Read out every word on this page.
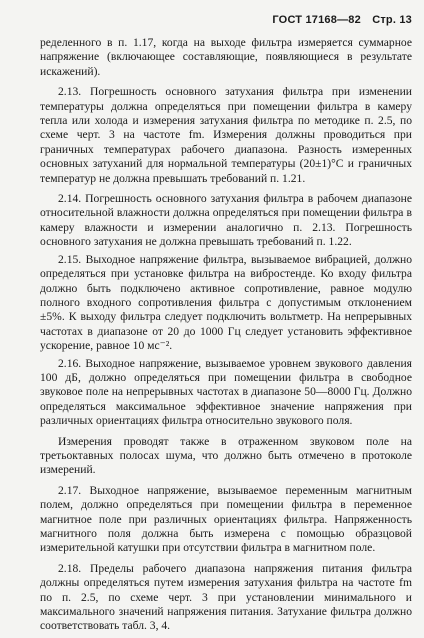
ГОСТ 17168—82 Стр. 13

ределенного в п. 1.17, когда на выходе фильтра измеряется суммарное напряжение (включающее составляющие, появляющиеся в результате искажений).

2.13. Погрешность основного затухания фильтра при изменении температуры должна определяться при помещении фильтра в камеру тепла или холода и измерения затухания фильтра по методике п. 2.5, по схеме черт. 3 на частоте fm. Измерения должны проводиться при граничных температурах рабочего диапазона. Разность измеренных основных затуханий для нормальной температуры (20±1)°С и граничных температур не должна превышать требований п. 1.21.

2.14. Погрешность основного затухания фильтра в рабочем диапазоне относительной влажности должна определяться при помещении фильтра в камеру влажности и измерении аналогично п. 2.13. Погрешность основного затухания не должна превышать требований п. 1.22.

2.15. Выходное напряжение фильтра, вызываемое вибрацией, должно определяться при установке фильтра на вибростенде. Ко входу фильтра должно быть подключено активное сопротивление, равное модулю полного входного сопротивления фильтра с допустимым отклонением ±5%. К выходу фильтра следует подключить вольтметр. На непрерывных частотах в диапазоне от 20 до 1000 Гц следует установить эффективное ускорение, равное 10 мс⁻².

2.16. Выходное напряжение, вызываемое уровнем звукового давления 100 дБ, должно определяться при помещении фильтра в свободное звуковое поле на непрерывных частотах в диапазоне 50—8000 Гц. Должно определяться максимальное эффективное значение напряжения при различных ориентациях фильтра относительно звукового поля.

Измерения проводят также в отраженном звуковом поле на третьоктавных полосах шума, что должно быть отмечено в протоколе измерений.

2.17. Выходное напряжение, вызываемое переменным магнитным полем, должно определяться при помещении фильтра в переменное магнитное поле при различных ориентациях фильтра. Напряженность магнитного поля должна быть измерена с помощью образцовой измерительной катушки при отсутствии фильтра в магнитном поле.

2.18. Пределы рабочего диапазона напряжения питания фильтра должны определяться путем измерения затухания фильтра на частоте fm по п. 2.5, по схеме черт. 3 при установлении минимального и максимального значений напряжения питания. Затухание фильтра должно соответствовать табл. 3, 4.
